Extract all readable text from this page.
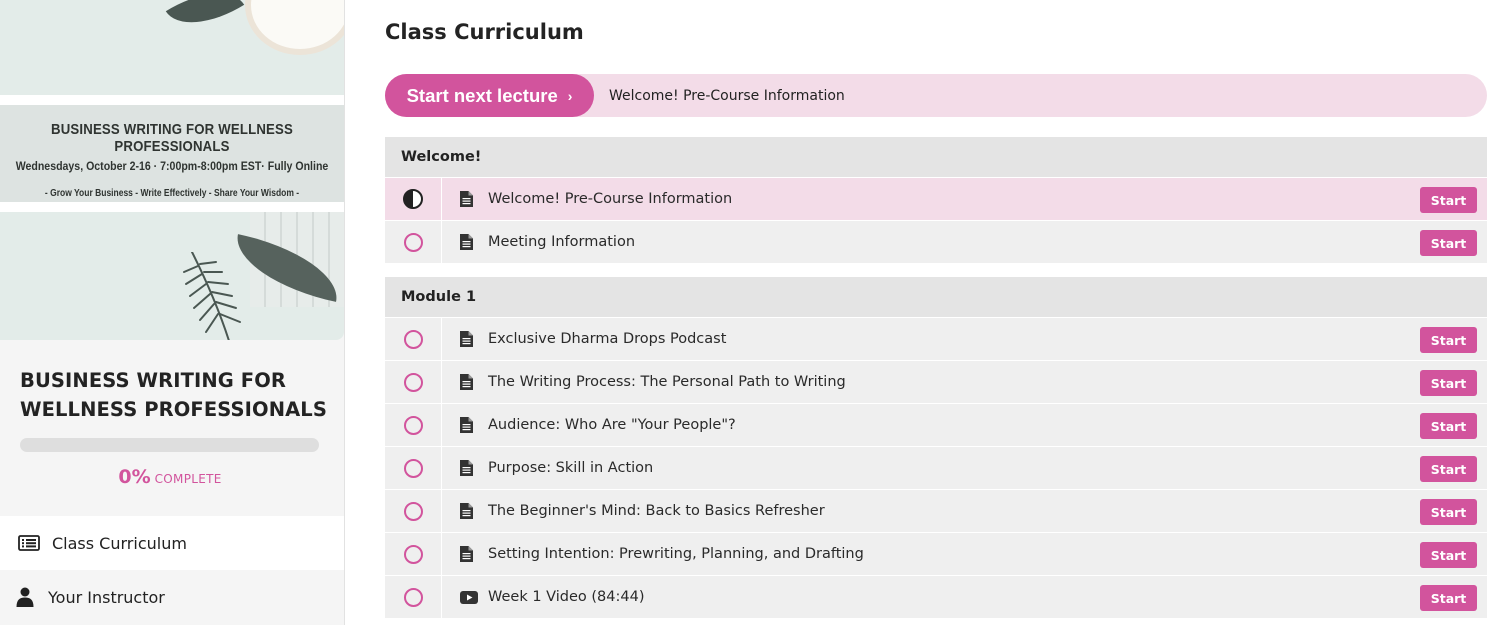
BUSINESS WRITING FOR WELLNESS PROFESSIONALS
Wednesdays, October 2-16 · 7:00pm-8:00pm EST· Fully Online
- Grow Your Business - Write Effectively - Share Your Wisdom -
BUSINESS WRITING FOR WELLNESS PROFESSIONALS
0% COMPLETE
Class Curriculum
Your Instructor
Class Curriculum
Start next lecture ›	Welcome! Pre-Course Information
Welcome!
Welcome! Pre-Course Information	Start
Meeting Information	Start
Module 1
Exclusive Dharma Drops Podcast	Start
The Writing Process: The Personal Path to Writing	Start
Audience: Who Are "Your People"?	Start
Purpose: Skill in Action	Start
The Beginner's Mind: Back to Basics Refresher	Start
Setting Intention: Prewriting, Planning, and Drafting	Start
Week 1 Video (84:44)	Start
